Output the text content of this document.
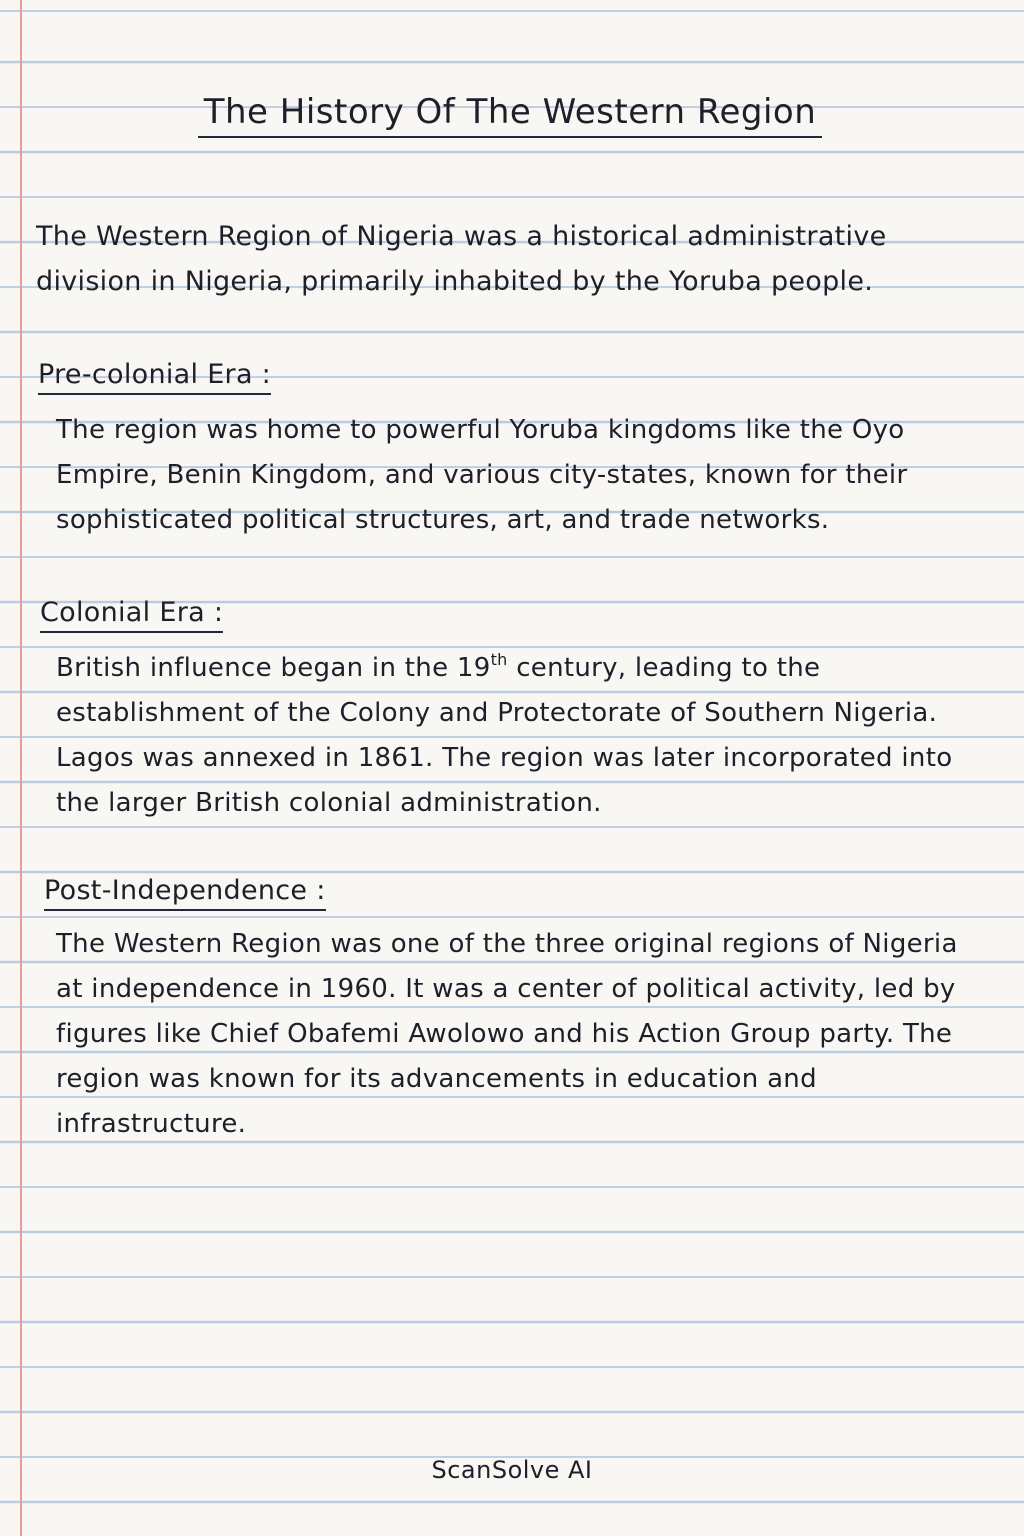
The History Of The Western Region
The Western Region of Nigeria was a historical administrative division in Nigeria, primarily inhabited by the Yoruba people.
Pre-colonial Era :
The region was home to powerful Yoruba kingdoms like the Oyo Empire, Benin Kingdom, and various city-states, known for their sophisticated political structures, art, and trade networks.
Colonial Era :
British influence began in the 19th century, leading to the establishment of the Colony and Protectorate of Southern Nigeria. Lagos was annexed in 1861. The region was later incorporated into the larger British colonial administration.
Post-Independence :
The Western Region was one of the three original regions of Nigeria at independence in 1960. It was a center of political activity, led by figures like Chief Obafemi Awolowo and his Action Group party. The region was known for its advancements in education and infrastructure.
ScanSolve AI
